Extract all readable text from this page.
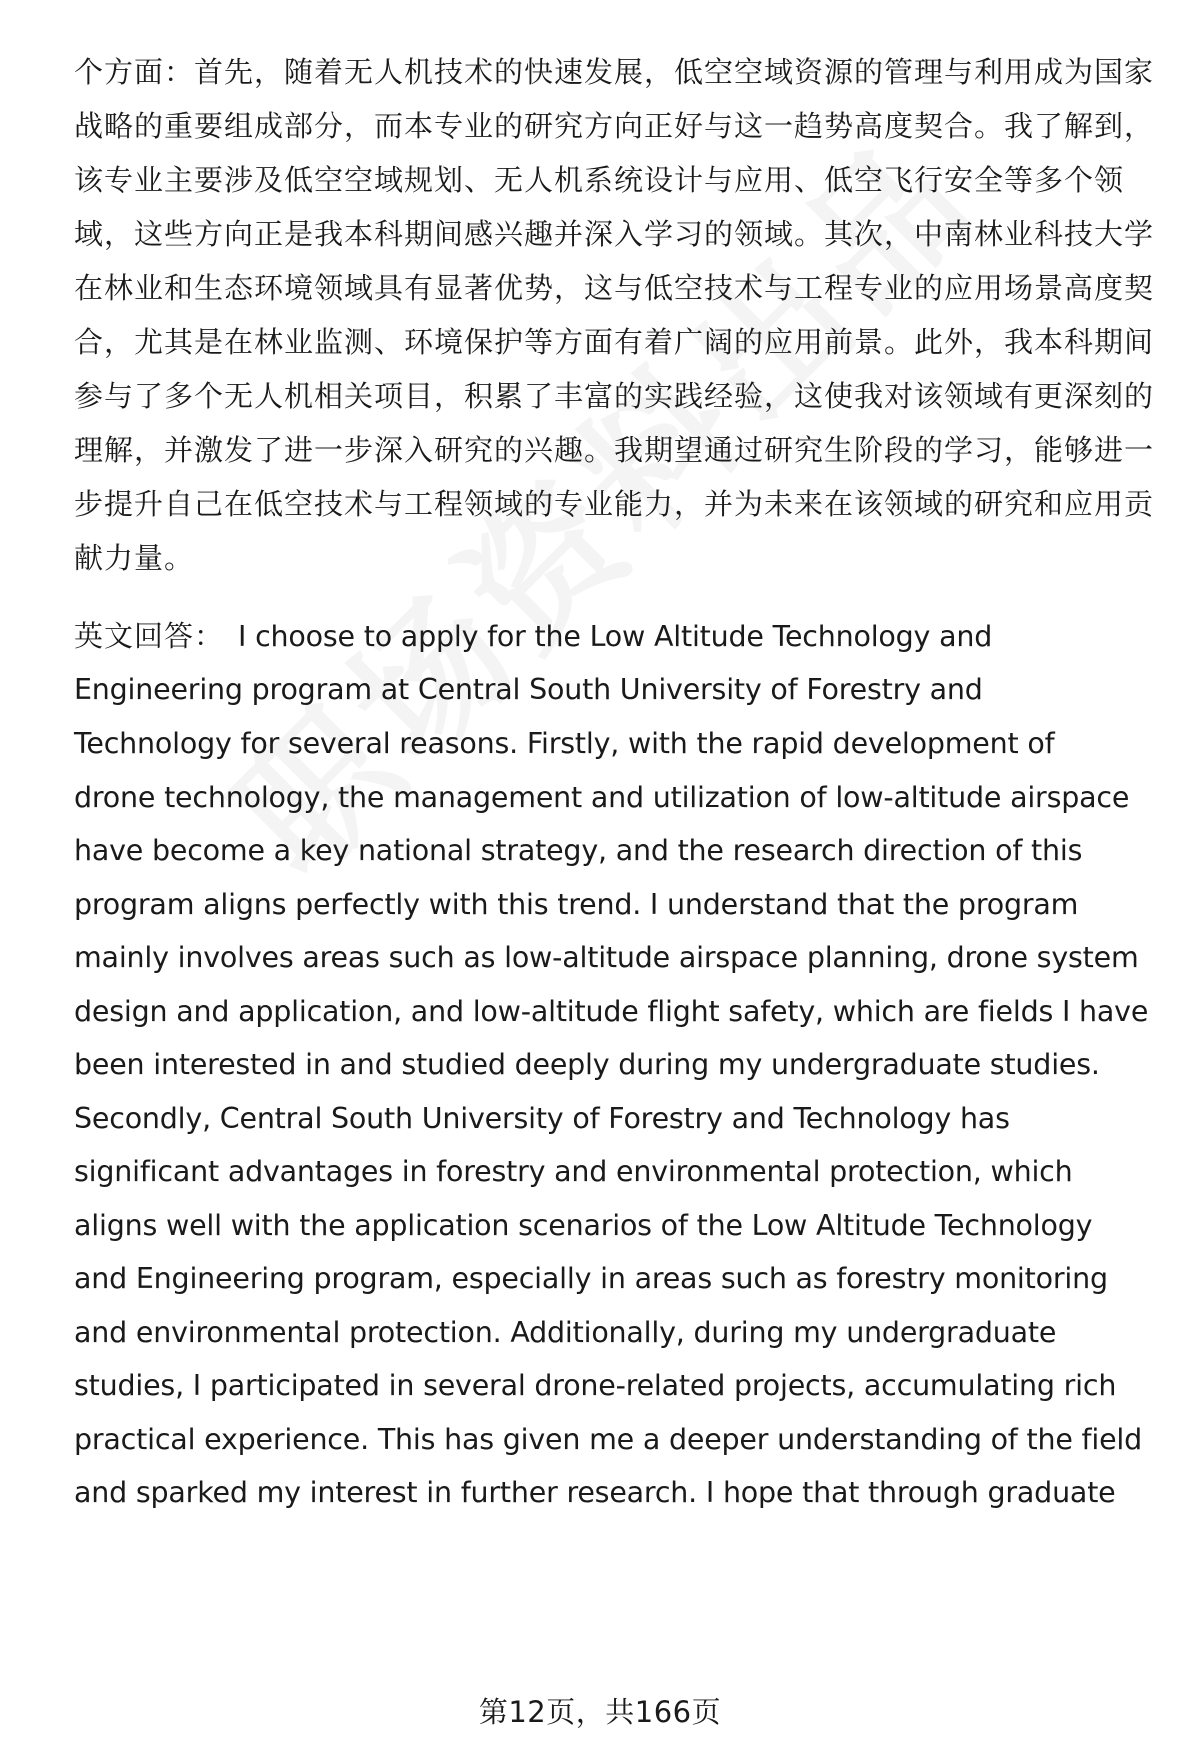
个方面：首先，随着无人机技术的快速发展，低空空域资源的管理与利用成为国家
战略的重要组成部分，而本专业的研究方向正好与这一趋势高度契合。我了解到，
该专业主要涉及低空空域规划、无人机系统设计与应用、低空飞行安全等多个领
域，这些方向正是我本科期间感兴趣并深入学习的领域。其次，中南林业科技大学
在林业和生态环境领域具有显著优势，这与低空技术与工程专业的应用场景高度契
合，尤其是在林业监测、环境保护等方面有着广阔的应用前景。此外，我本科期间
参与了多个无人机相关项目，积累了丰富的实践经验，这使我对该领域有更深刻的
理解，并激发了进一步深入研究的兴趣。我期望通过研究生阶段的学习，能够进一
步提升自己在低空技术与工程领域的专业能力，并为未来在该领域的研究和应用贡
献力量。
英文回答： I choose to apply for the Low Altitude Technology and
Engineering program at Central South University of Forestry and
Technology for several reasons. Firstly, with the rapid development of
drone technology, the management and utilization of low-altitude airspace
have become a key national strategy, and the research direction of this
program aligns perfectly with this trend. I understand that the program
mainly involves areas such as low-altitude airspace planning, drone system
design and application, and low-altitude flight safety, which are fields I have
been interested in and studied deeply during my undergraduate studies.
Secondly, Central South University of Forestry and Technology has
significant advantages in forestry and environmental protection, which
aligns well with the application scenarios of the Low Altitude Technology
and Engineering program, especially in areas such as forestry monitoring
and environmental protection. Additionally, during my undergraduate
studies, I participated in several drone-related projects, accumulating rich
practical experience. This has given me a deeper understanding of the field
and sparked my interest in further research. I hope that through graduate
第12页，共166页
